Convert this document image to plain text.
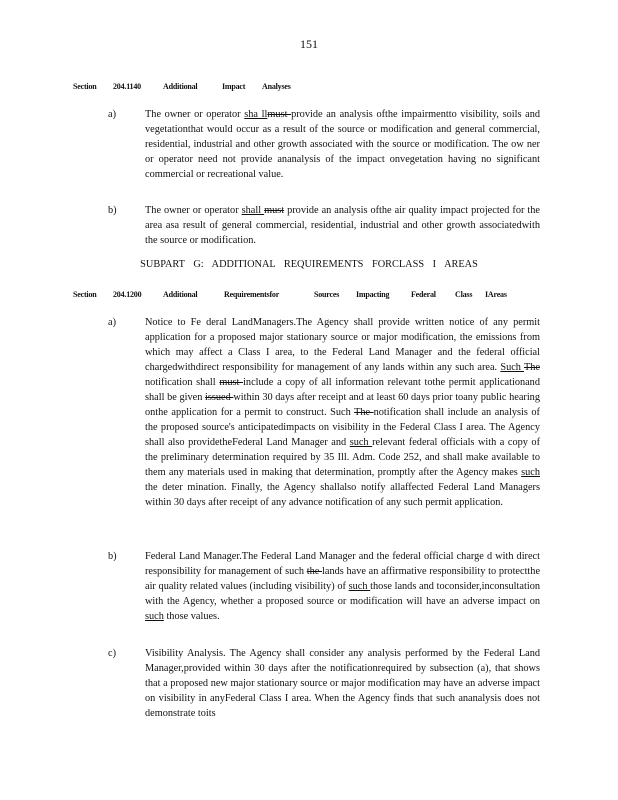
151
Section 204.1140	Additional	Impact Analyses
a)	The owner or operator sha llmust provide an analysis ofthe impairmentto visibility, soils and vegetationthat would occur as a result of the source or modification and general commercial, residential, industrial and other growth associated with the source or modification. The ow ner or operator need not provide ananalysis of the impact onvegetation having no significant commercial or recreational value.
b)	The owner or operator shall must provide an analysis ofthe air quality impact projected for the area asa result of general commercial, residential, industrial and other growth associatedwith the source or modification.
SUBPART G: ADDITIONAL REQUIREMENTS FORCLASS I AREAS
Section 204.1200	Additional	Requirementsfor	Sources Impacting	Federal Class IAreas
a)	Notice to Fe deral LandManagers.The Agency shall provide written notice of any permit application for a proposed major stationary source or major modification, the emissions from which may affect a Class I area, to the Federal Land Manager and the federal official chargedwithdirect responsibility for management of any lands within any such area. Such The notification shall must include a copy of all information relevant tothe permit applicationand shall be given issued within 30 days after receipt and at least 60 days prior toany public hearing onthe application for a permit to construct. Such The notification shall include an analysis of the proposed source's anticipatedimpacts on visibility in the Federal Class I area. The Agency shall also providetheFederal Land Manager and such relevant federal officials with a copy of the preliminary determination required by 35 Ill. Adm. Code 252, and shall make available to them any materials used in making that determination, promptly after the Agency makes such the deter mination. Finally, the Agency shallalso notify allaffected Federal Land Managers within 30 days after receipt of any advance notification of any such permit application.
b)	Federal Land Manager.The Federal Land Manager and the federal official charge d with direct responsibility for management of such the lands have an affirmative responsibility to protectthe air quality related values (including visibility) of such those lands and toconsider,inconsultation with the Agency, whether a proposed source or modification will have an adverse impact on such those values.
c)	Visibility Analysis. The Agency shall consider any analysis performed by the Federal Land Manager,provided within 30 days after the notificationrequired by subsection (a), that shows that a proposed new major stationary source or major modification may have an adverse impact on visibility in anyFederal Class I area. When the Agency finds that such ananalysis does not demonstrate toits
